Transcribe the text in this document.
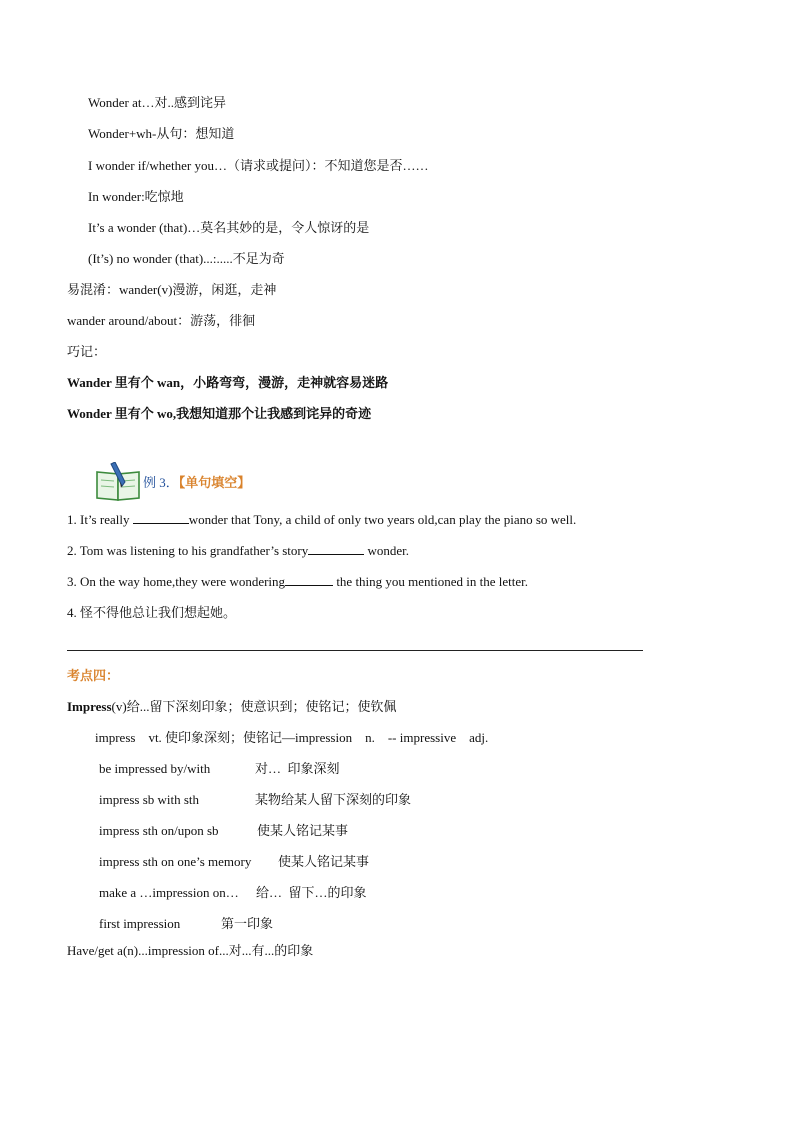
Wonder at…对..感到诧异
Wonder+wh-从句：想知道
I wonder if/whether you…（请求或提问）：不知道您是否……
In wonder:吃惊地
It’s a wonder (that)…莫名其妙的是，令人惊讶的是
(It’s) no wonder (that)...:.....不足为奇
易混淆：wander(v)漫游，闲逛，走神
wander around/about：游荡，徘徊
巧记：
Wander 里有个 wan，小路弯弯，漫游，走神就容易迷路
Wonder 里有个 wo,我想知道那个让我感到诧异的奇迹
例 3．【单句填空】
1. It’s really	wonder that Tony, a child of only two years old,can play the piano so well.
2. Tom was listening to his grandfather’s story	wonder.
3. On the way home,they were wondering	the thing you mentioned in the letter.
4. 怪不得他总让我们想起她。
考点四：
Impress(v)给...留下深刻印象；使意识到；使铭记；使钦佩
impress    vt. 使印象深刻；使铭记—impression    n.    -- impressive    adj.
be impressed by/with	对…  印象深刻
impress sb with sth	某物给某人留下深刻的印象
impress sth on/upon sb	使某人铭记某事
impress sth on one’s memory 使某人铭记某事
make a …impression on… 给…  留下…的印象
first impression	第一印象
Have/get a(n)...impression of...对...有...的印象
